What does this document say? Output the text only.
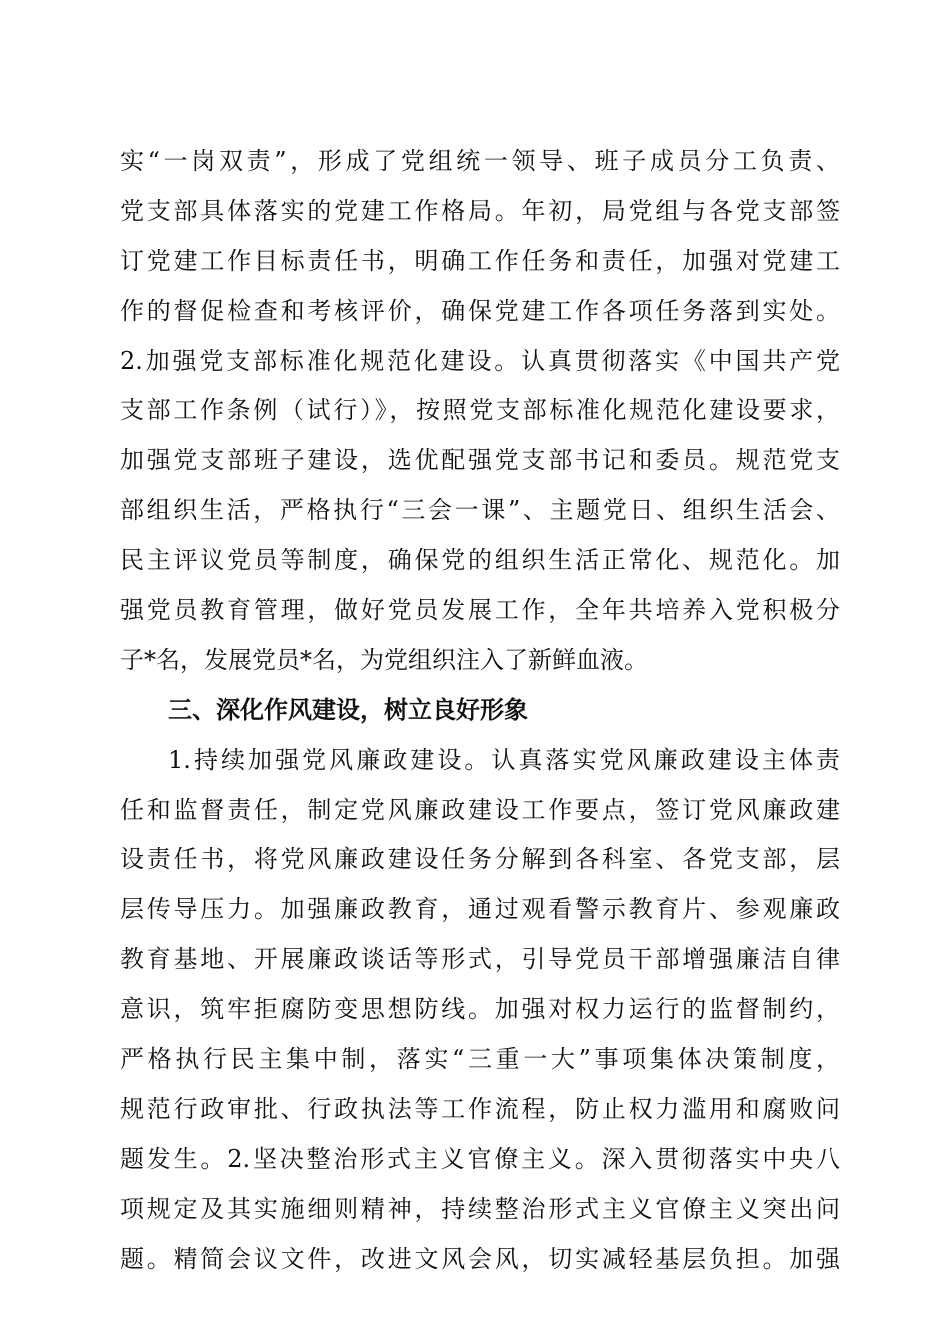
实“一岗双责”，形成了党组统一领导、班子成员分工负责、
党支部具体落实的党建工作格局。年初，局党组与各党支部签
订党建工作目标责任书，明确工作任务和责任，加强对党建工
作的督促检查和考核评价，确保党建工作各项任务落到实处。
2.加强党支部标准化规范化建设。认真贯彻落实《中国共产党
支部工作条例（试行）》，按照党支部标准化规范化建设要求，
加强党支部班子建设，选优配强党支部书记和委员。规范党支
部组织生活，严格执行“三会一课”、主题党日、组织生活会、
民主评议党员等制度，确保党的组织生活正常化、规范化。加
强党员教育管理，做好党员发展工作，全年共培养入党积极分
子*名，发展党员*名，为党组织注入了新鲜血液。
三、深化作风建设，树立良好形象
1.持续加强党风廉政建设。认真落实党风廉政建设主体责
任和监督责任，制定党风廉政建设工作要点，签订党风廉政建
设责任书，将党风廉政建设任务分解到各科室、各党支部，层
层传导压力。加强廉政教育，通过观看警示教育片、参观廉政
教育基地、开展廉政谈话等形式，引导党员干部增强廉洁自律
意识，筑牢拒腐防变思想防线。加强对权力运行的监督制约，
严格执行民主集中制，落实“三重一大”事项集体决策制度，
规范行政审批、行政执法等工作流程，防止权力滥用和腐败问
题发生。2.坚决整治形式主义官僚主义。深入贯彻落实中央八
项规定及其实施细则精神，持续整治形式主义官僚主义突出问
题。精简会议文件，改进文风会风，切实减轻基层负担。加强
